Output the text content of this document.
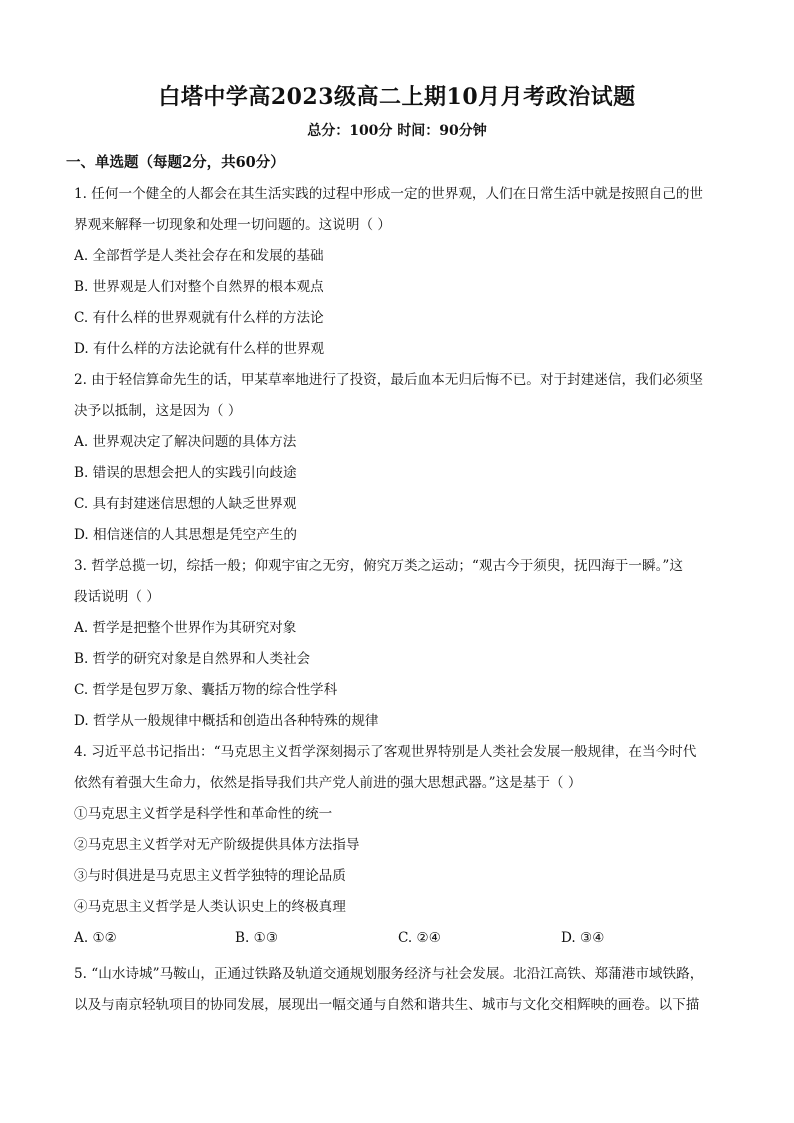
白塔中学高2023级高二上期10月月考政治试题
总分：100分 时间：90分钟
一、单选题（每题2分，共60分）
1. 任何一个健全的人都会在其生活实践的过程中形成一定的世界观，人们在日常生活中就是按照自己的世
界观来解释一切现象和处理一切问题的。这说明（ ）
A. 全部哲学是人类社会存在和发展的基础
B. 世界观是人们对整个自然界的根本观点
C. 有什么样的世界观就有什么样的方法论
D. 有什么样的方法论就有什么样的世界观
2. 由于轻信算命先生的话，甲某草率地进行了投资，最后血本无归后悔不已。对于封建迷信，我们必须坚
决予以抵制，这是因为（ ）
A. 世界观决定了解决问题的具体方法
B. 错误的思想会把人的实践引向歧途
C. 具有封建迷信思想的人缺乏世界观
D. 相信迷信的人其思想是凭空产生的
3. 哲学总揽一切，综括一般；仰观宇宙之无穷，俯究万类之运动；“观古今于须臾，抚四海于一瞬。”这
段话说明（ ）
A. 哲学是把整个世界作为其研究对象
B. 哲学的研究对象是自然界和人类社会
C. 哲学是包罗万象、囊括万物的综合性学科
D. 哲学从一般规律中概括和创造出各种特殊的规律
4. 习近平总书记指出：“马克思主义哲学深刻揭示了客观世界特别是人类社会发展一般规律，在当今时代
依然有着强大生命力，依然是指导我们共产党人前进的强大思想武器。”这是基于（ ）
①马克思主义哲学是科学性和革命性的统一
②马克思主义哲学对无产阶级提供具体方法指导
③与时俱进是马克思主义哲学独特的理论品质
④马克思主义哲学是人类认识史上的终极真理
A. ①②	B. ①③	C. ②④	D. ③④
5. “山水诗城”马鞍山，正通过铁路及轨道交通规划服务经济与社会发展。北沿江高铁、郑蒲港市域铁路，
以及与南京轻轨项目的协同发展，展现出一幅交通与自然和谐共生、城市与文化交相辉映的画卷。以下描
